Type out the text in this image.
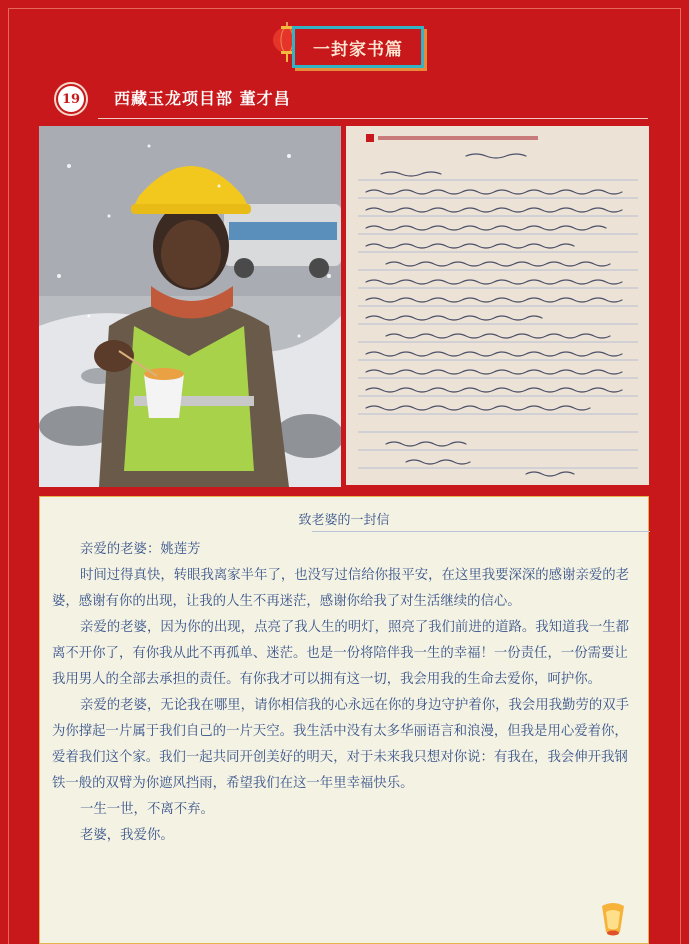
一封家书篇
19 西藏玉龙项目部 董才昌
致老婆的一封信

亲爱的老婆：姚莲芳

时间过得真快，转眼我离家半年了，也没写过信给你报平安，在这里我要深深的感谢亲爱的老婆，感谢有你的出现，让我的人生不再迷茫，感谢你给我了对生活继续的信心。

亲爱的老婆，因为你的出现，点亮了我人生的明灯，照亮了我们前进的道路。我知道我一生都离不开你了，有你我从此不再孤单、迷茫。也是一份将陪伴我一生的幸福！一份责任，一份需要让我用男人的全部去承担的责任。有你我才可以拥有这一切，我会用我的生命去爱你，呵护你。

亲爱的老婆，无论我在哪里，请你相信我的心永远在你的身边守护着你，我会用我勤劳的双手为你撑起一片属于我们自己的一片天空。我生活中没有太多华丽语言和浪漫，但我是用心爱着你，爱着我们这个家。我们一起共同开创美好的明天，对于未来我只想对你说：有我在，我会伸开我钢铁一般的双臂为你遮风挡雨，希望我们在这一年里幸福快乐。

一生一世，不离不弃。

老婆，我爱你。
